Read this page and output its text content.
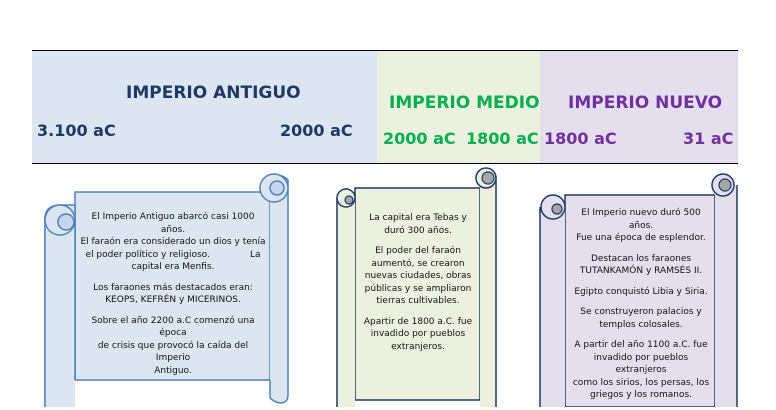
IMPERIO ANTIGUO
3.100 aC	2000 aC
IMPERIO MEDIO
2000 aC 1800 aC
IMPERIO NUEVO
1800 aC	31 aC

El Imperio Antiguo abarcó casi 1000 años.
El faraón era considerado un dios y tenía
el poder político y religioso.	La
capital era Menfis.

Los faraones más destacados eran:
KEOPS, KEFRÉN y MICERINOS.

Sobre el año 2200 a.C comenzó una época
de crisis que provocó la caída del Imperio
Antiguo.

La capital era Tebas y
duró 300 años.

El poder del faraón
aumentó, se crearon
nuevas ciudades, obras
públicas y se ampliaron
tierras cultivables.

Apartir de 1800 a.C. fue
invadido por pueblos
extranjeros.

El Imperio nuevo duró 500 años.
Fue una época de esplendor.

Destacan los faraones
TUTANKAMÓN y RAMSÉS II.

Egipto conquistó Libia y Siria.

Se construyeron palacios y
templos colosales.

A partir del año 1100 a.C. fue
invadido por pueblos extranjeros
como los sirios, los persas, los
griegos y los romanos.
